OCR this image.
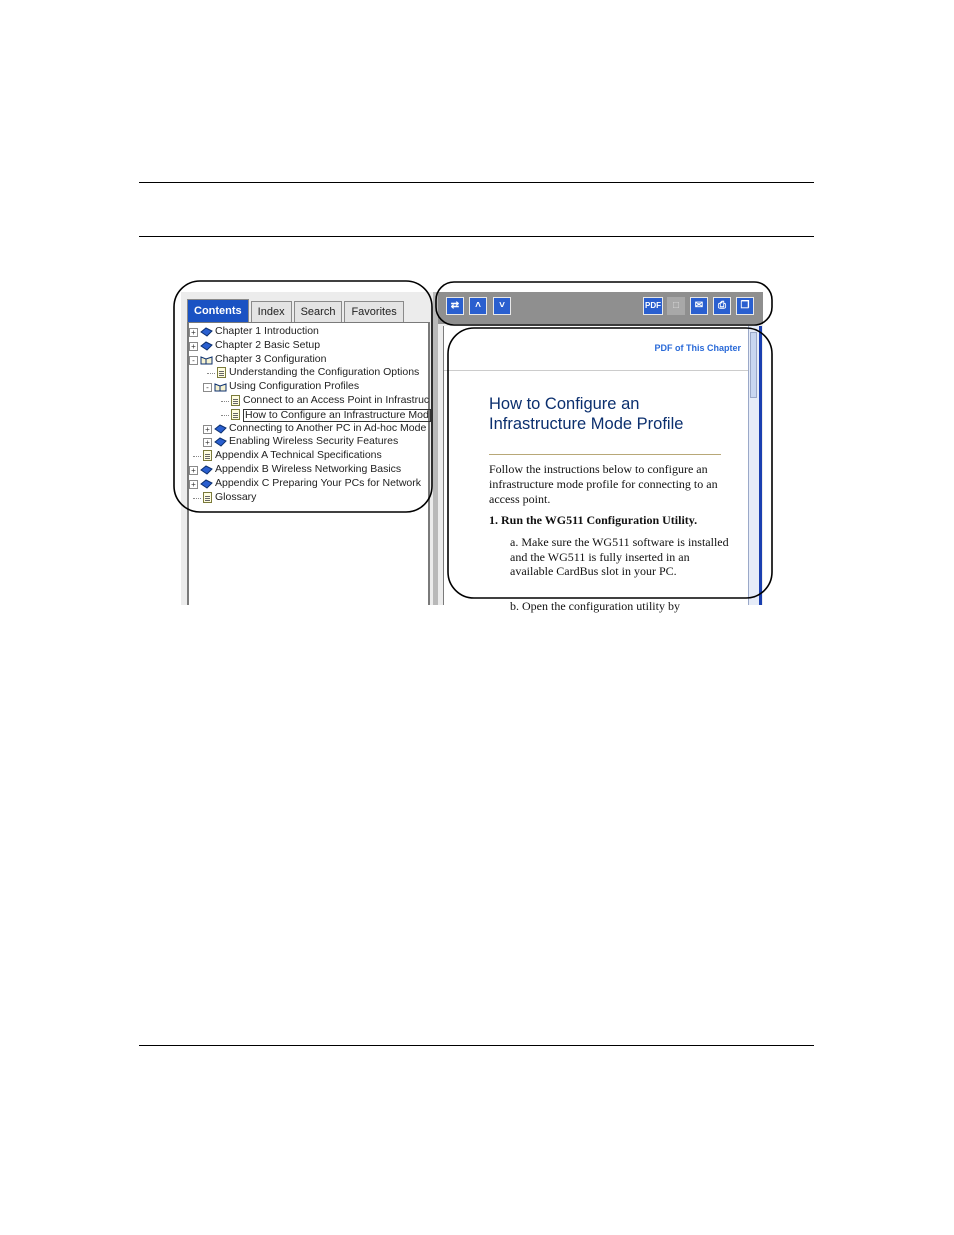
Contents	Index	Search	Favorites
+ Chapter 1 Introduction
+ Chapter 2 Basic Setup
-	Chapter 3 Configuration
Understanding the Configuration Options
-	Using Configuration Profiles
Connect to an Access Point in Infrastruc
How to Configure an Infrastructure Mod
+ Connecting to Another PC in Ad-hoc Mode
+ Enabling Wireless Security Features
Appendix A Technical Specifications
+ Appendix B Wireless Networking Basics
+ Appendix C Preparing Your PCs for Network
Glossary
⇄	˄	˅	PDF	□	✉	⎙	❐
PDF of This Chapter
How to Configure an Infrastructure Mode Profile
Follow the instructions below to configure an infrastructure mode profile for connecting to an access point.
1. Run the WG511 Configuration Utility.
a. Make sure the WG511 software is installed and the WG511 is fully inserted in an available CardBus slot in your PC.
b. Open the configuration utility by
